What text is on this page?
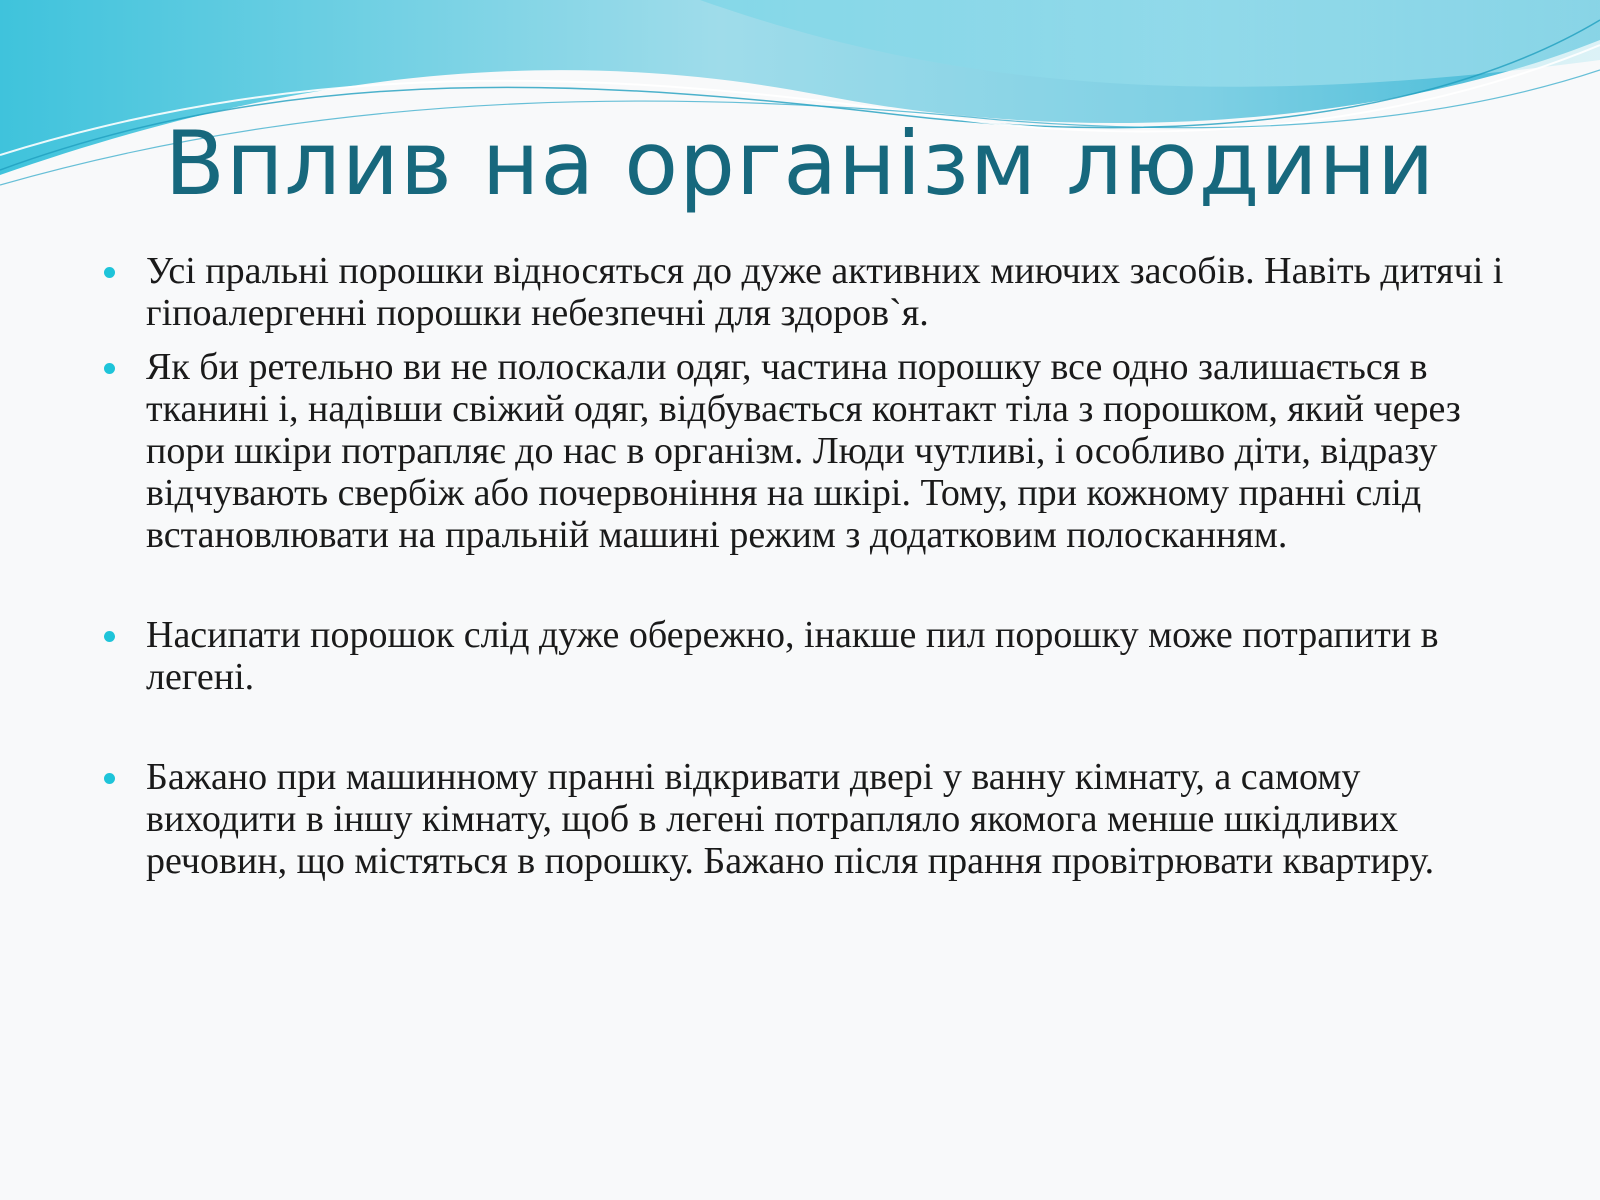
Вплив на організм людини
Усі пральні порошки відносяться до дуже активних миючих засобів. Навіть дитячі і гіпоалергенні порошки небезпечні для здоров`я.
Як би ретельно ви не полоскали одяг, частина порошку все одно залишається в тканині і, надівши свіжий одяг, відбувається контакт тіла з порошком, який через пори шкіри потрапляє до нас в організм. Люди чутливі, і особливо діти, відразу відчувають свербіж або почервоніння на шкірі. Тому, при кожному пранні слід встановлювати на пральній машині режим з додатковим полосканням.
Насипати порошок слід дуже обережно, інакше пил порошку може потрапити в легені.
Бажано при машинному пранні відкривати двері у ванну кімнату, а самому виходити в іншу кімнату, щоб в легені потрапляло якомога менше шкідливих речовин, що містяться в порошку. Бажано після прання провітрювати квартиру.
